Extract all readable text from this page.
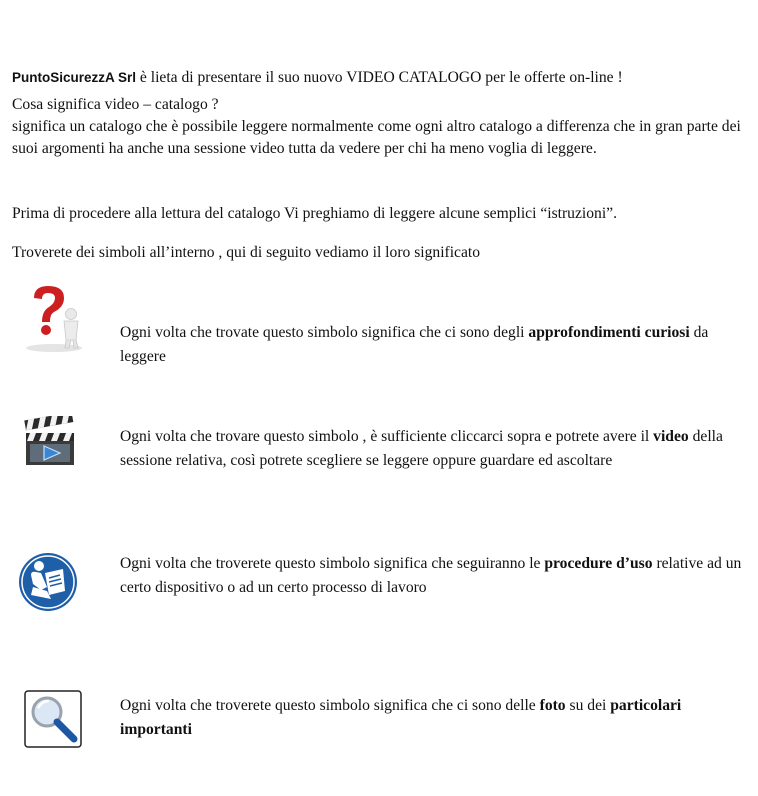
PuntoSicurezzA Srl è lieta di presentare il suo nuovo VIDEO CATALOGO per le offerte on-line !
Cosa significa video – catalogo ?
significa un catalogo che è possibile leggere normalmente come ogni altro catalogo a differenza che in gran parte dei suoi argomenti ha anche una sessione video tutta da vedere per chi ha meno voglia di leggere.
Prima di procedere alla lettura del catalogo Vi preghiamo di leggere alcune semplici “istruzioni”.
Troverete dei simboli all’interno , qui di seguito vediamo il loro significato
Ogni volta che trovate questo simbolo significa che ci sono degli approfondimenti curiosi da leggere
Ogni volta che trovare questo simbolo , è sufficiente cliccarci sopra e potrete avere il video della sessione relativa, così potrete scegliere se leggere oppure guardare ed ascoltare
Ogni volta che troverete questo simbolo significa che seguiranno le procedure d’uso relative ad un certo dispositivo o ad un certo processo di lavoro
Ogni volta che troverete questo simbolo significa che ci sono delle foto su dei particolari importanti
